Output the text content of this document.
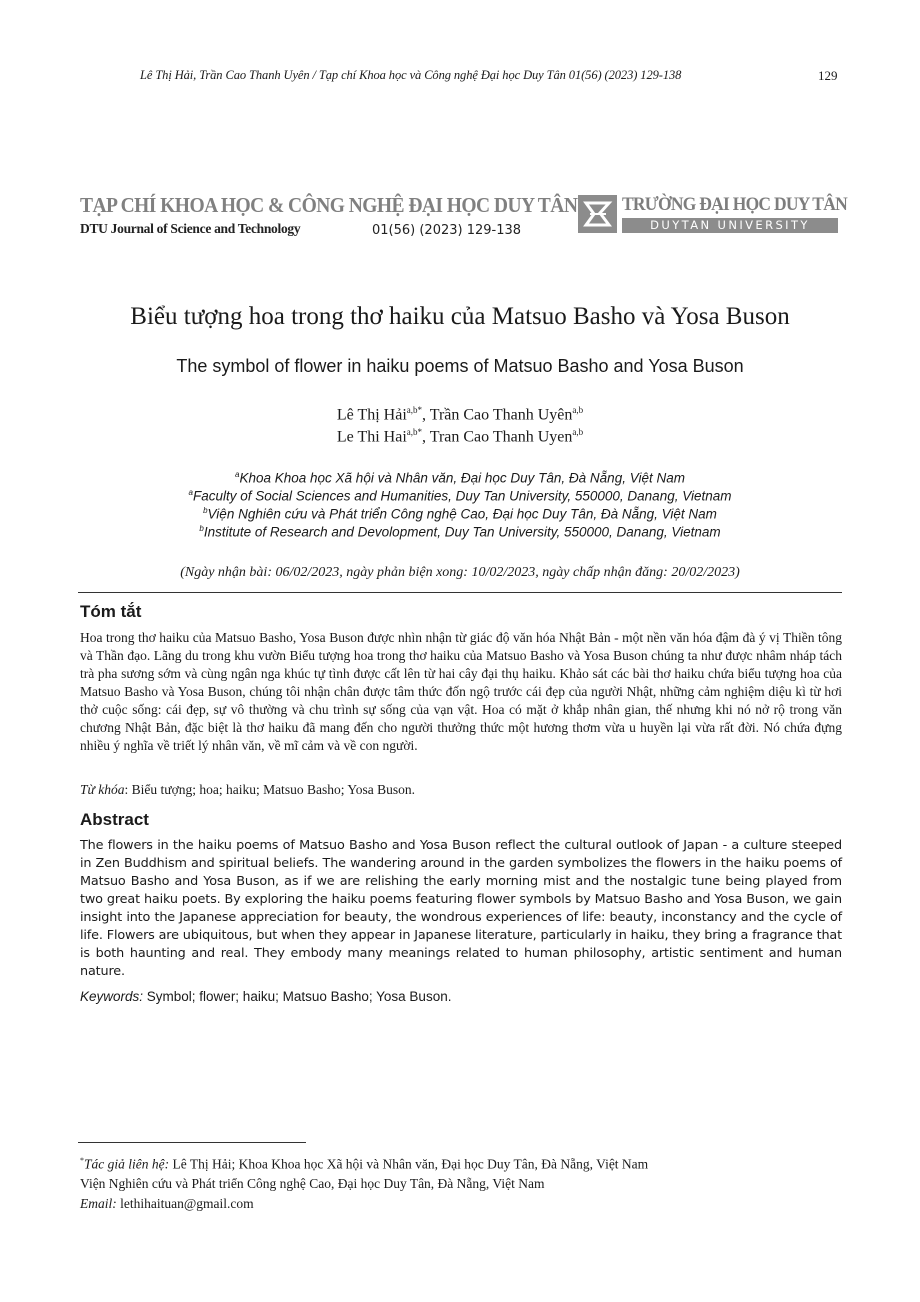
Lê Thị Hải, Trần Cao Thanh Uyên / Tạp chí Khoa học và Công nghệ Đại học Duy Tân 01(56) (2023) 129-138	129
TẠP CHÍ KHOA HỌC & CÔNG NGHỆ ĐẠI HỌC DUY TÂN
DTU Journal of Science and Technology	01(56) (2023) 129-138
TRƯỜNG ĐẠI HỌC DUY TÂN
DUYTAN UNIVERSITY
Biểu tượng hoa trong thơ haiku của Matsuo Basho và Yosa Buson
The symbol of flower in haiku poems of Matsuo Basho and Yosa Buson
Lê Thị Hải$^{a,b*}$, Trần Cao Thanh Uyên$^{a,b}$
Le Thi Hai$^{a,b*}$, Tran Cao Thanh Uyen$^{a,b}$
$^a$Khoa Khoa học Xã hội và Nhân văn, Đại học Duy Tân, Đà Nẵng, Việt Nam
$^a$Faculty of Social Sciences and Humanities, Duy Tan University, 550000, Danang, Vietnam
$^b$Viện Nghiên cứu và Phát triển Công nghệ Cao, Đại học Duy Tân, Đà Nẵng, Việt Nam
$^b$Institute of Research and Devolopment, Duy Tan University, 550000, Danang, Vietnam
(Ngày nhận bài: 06/02/2023, ngày phản biện xong: 10/02/2023, ngày chấp nhận đăng: 20/02/2023)
Tóm tắt
Hoa trong thơ haiku của Matsuo Basho, Yosa Buson được nhìn nhận từ giác độ văn hóa Nhật Bản - một nền văn hóa đậm đà ý vị Thiền tông và Thần đạo. Lãng du trong khu vườn Biểu tượng hoa trong thơ haiku của Matsuo Basho và Yosa Buson chúng ta như được nhâm nháp tách trà pha sương sớm và cùng ngân nga khúc tự tình được cất lên từ hai cây đại thụ haiku. Khảo sát các bài thơ haiku chứa biểu tượng hoa của Matsuo Basho và Yosa Buson, chúng tôi nhận chân được tâm thức đốn ngộ trước cái đẹp của người Nhật, những cảm nghiệm diệu kì từ hơi thở cuộc sống: cái đẹp, sự vô thường và chu trình sự sống của vạn vật. Hoa có mặt ở khắp nhân gian, thế nhưng khi nó nở rộ trong văn chương Nhật Bản, đặc biệt là thơ haiku đã mang đến cho người thưởng thức một hương thơm vừa u huyền lại vừa rất đời. Nó chứa đựng nhiều ý nghĩa về triết lý nhân văn, về mĩ cảm và về con người.
Từ khóa: Biểu tượng; hoa; haiku; Matsuo Basho; Yosa Buson.
Abstract
The flowers in the haiku poems of Matsuo Basho and Yosa Buson reflect the cultural outlook of Japan - a culture steeped in Zen Buddhism and spiritual beliefs. The wandering around in the garden symbolizes the flowers in the haiku poems of Matsuo Basho and Yosa Buson, as if we are relishing the early morning mist and the nostalgic tune being played from two great haiku poets. By exploring the haiku poems featuring flower symbols by Matsuo Basho and Yosa Buson, we gain insight into the Japanese appreciation for beauty, the wondrous experiences of life: beauty, inconstancy and the cycle of life. Flowers are ubiquitous, but when they appear in Japanese literature, particularly in haiku, they bring a fragrance that is both haunting and real. They embody many meanings related to human philosophy, artistic sentiment and human nature.
Keywords: Symbol; flower; haiku; Matsuo Basho; Yosa Buson.
*Tác giả liên hệ: Lê Thị Hải; Khoa Khoa học Xã hội và Nhân văn, Đại học Duy Tân, Đà Nẵng, Việt Nam
Viện Nghiên cứu và Phát triển Công nghệ Cao, Đại học Duy Tân, Đà Nẵng, Việt Nam
Email: lethihaituan@gmail.com
